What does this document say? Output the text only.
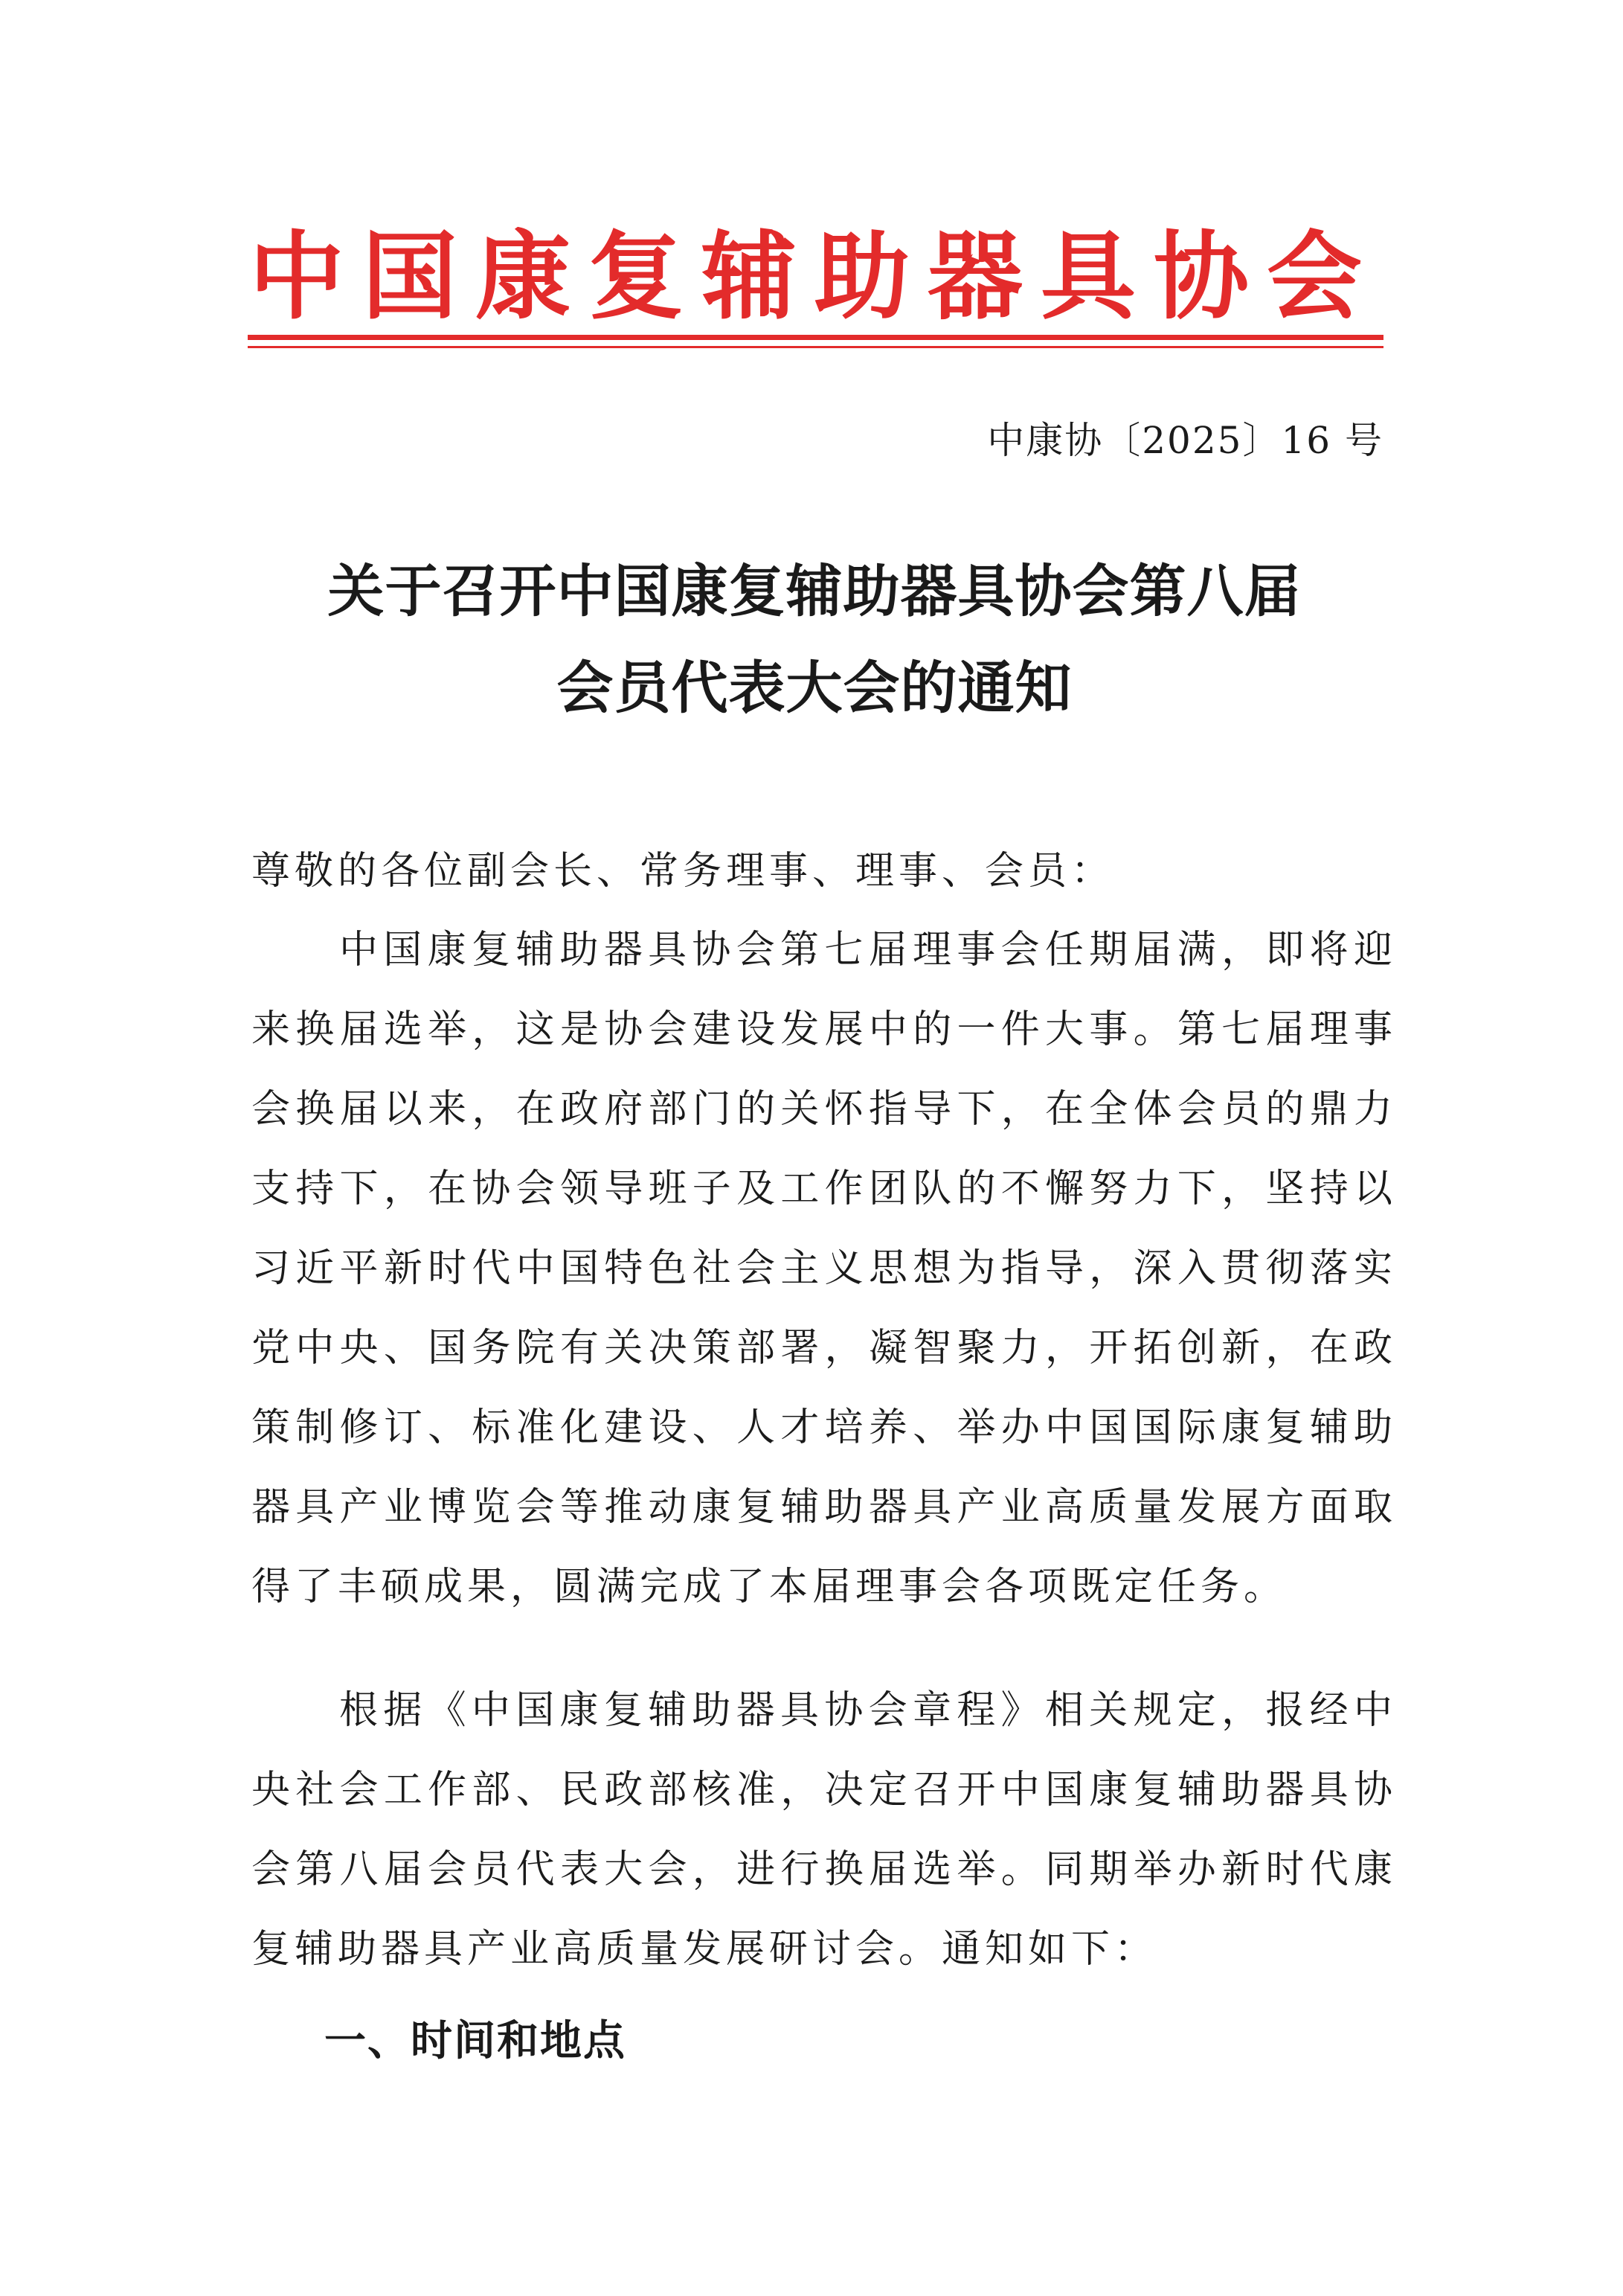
中国康复辅助器具协会
中康协〔2025〕16 号
关于召开中国康复辅助器具协会第八届
会员代表大会的通知
尊敬的各位副会长、常务理事、理事、会员：
中国康复辅助器具协会第七届理事会任期届满，即将迎来换届选举，这是协会建设发展中的一件大事。第七届理事会换届以来，在政府部门的关怀指导下，在全体会员的鼎力支持下，在协会领导班子及工作团队的不懈努力下，坚持以习近平新时代中国特色社会主义思想为指导，深入贯彻落实党中央、国务院有关决策部署，凝智聚力，开拓创新，在政策制修订、标准化建设、人才培养、举办中国国际康复辅助器具产业博览会等推动康复辅助器具产业高质量发展方面取得了丰硕成果，圆满完成了本届理事会各项既定任务。
根据《中国康复辅助器具协会章程》相关规定，报经中央社会工作部、民政部核准，决定召开中国康复辅助器具协会第八届会员代表大会，进行换届选举。同期举办新时代康复辅助器具产业高质量发展研讨会。通知如下：
一、时间和地点
